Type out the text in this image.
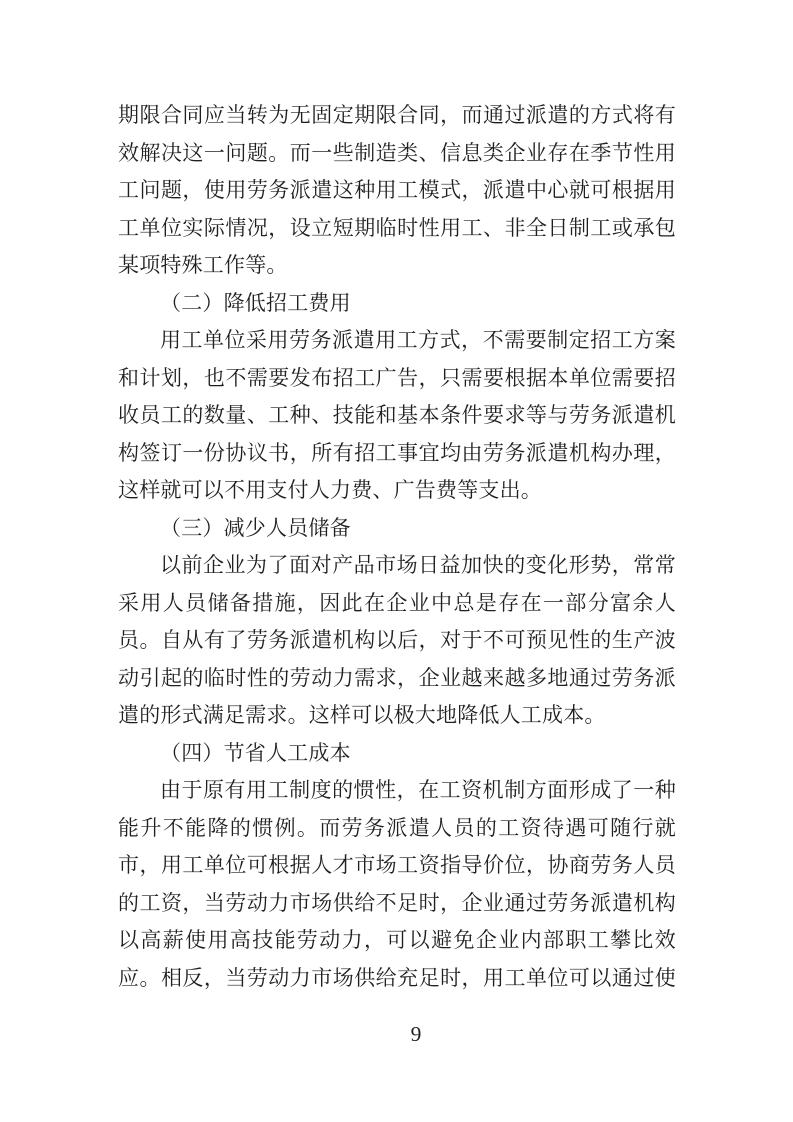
期限合同应当转为无固定期限合同，而通过派遣的方式将有
效解决这一问题。而一些制造类、信息类企业存在季节性用
工问题，使用劳务派遣这种用工模式，派遣中心就可根据用
工单位实际情况，设立短期临时性用工、非全日制工或承包
某项特殊工作等。
（二）降低招工费用
用工单位采用劳务派遣用工方式，不需要制定招工方案
和计划，也不需要发布招工广告，只需要根据本单位需要招
收员工的数量、工种、技能和基本条件要求等与劳务派遣机
构签订一份协议书，所有招工事宜均由劳务派遣机构办理，
这样就可以不用支付人力费、广告费等支出。
（三）减少人员储备
以前企业为了面对产品市场日益加快的变化形势，常常
采用人员储备措施，因此在企业中总是存在一部分富余人
员。自从有了劳务派遣机构以后，对于不可预见性的生产波
动引起的临时性的劳动力需求，企业越来越多地通过劳务派
遣的形式满足需求。这样可以极大地降低人工成本。
（四）节省人工成本
由于原有用工制度的惯性，在工资机制方面形成了一种
能升不能降的惯例。而劳务派遣人员的工资待遇可随行就
市，用工单位可根据人才市场工资指导价位，协商劳务人员
的工资，当劳动力市场供给不足时，企业通过劳务派遣机构
以高薪使用高技能劳动力，可以避免企业内部职工攀比效
应。相反，当劳动力市场供给充足时，用工单位可以通过使
9
